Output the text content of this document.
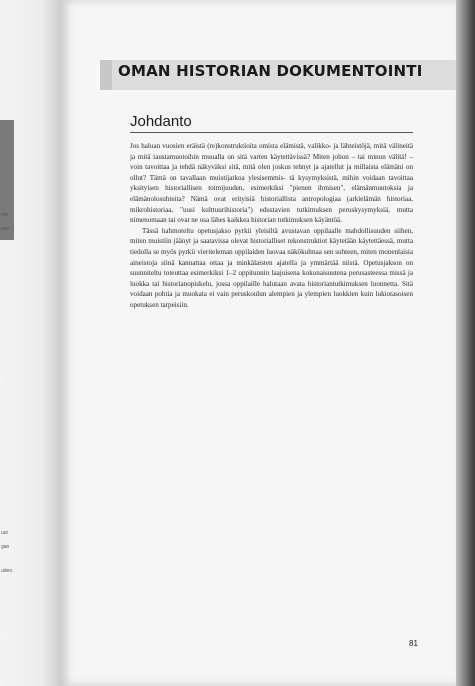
ells
aan
uur
gan
uden.
OMAN HISTORIAN DOKUMENTOINTI
Johdanto

Jos haluan vuosien eräistä (re)konstruktioita omista elämistä, valikko- ja lähteistöjä, mitä välineitä ja mitä taustamuotoihin muualla on sitä varten käytettävissä? Miten johon – tai minun välitä! – voin tavoittaa ja tehdä näkyväksi sitä, mitä olen joskus tehnyt ja ajatellut ja millaista elämäni on ollut? Tämä on tavallaan muistijatkoa ylesisemmis- tä kysymyksistä, mihin voidaan tavoittaa yksityisen historiallisen toimijuuden, esimerkiksi "pienen ihmisen", elämänmuutoksia ja elämänolosuhteita? Nämä ovat erityisiä historiallista antropologiaa (arkielämän historiaa, mikrohistoriaa, "uusi kulttuurihistoria") edustavien tutkimuksen peruskysymyksiä, mutta nimenomaan tai ovat ne osa lähes kaikkea historian tutkimuksen käyäntöä.

Tässä hahmoteltu opetusjakso pyrkii yleisiltä avustavan oppilaalle mahdollisuuden siihen, miten muistiin jäänyt ja saatavissa olevat historialliset rekonstruktiot käytetään käytettäessä, mutta tiedolla se myös pyrkii vieriteleman oppilaiden luovaa näkökulmaa sen suhteen, miten monenlaisia aineistoja siinä kannattaa ottaa ja minkälaisten ajatella ja ymmärtää niistä. Opetusjakson on suunniteltu toteuttaa esimerkiksi 1–2 oppitunnin laajuisena kokonaisuutena perusasteessa missä ja luokka tai historianopiskelu, jossa oppilaille halutaan avata historiantutkimuksen luonnetta. Sitä voidaan pohtia ja muokata ei vain peruskoulun alempien ja ylempien luokkien kuin lukiotasoisen opetuksen tarpeisiin.

81
